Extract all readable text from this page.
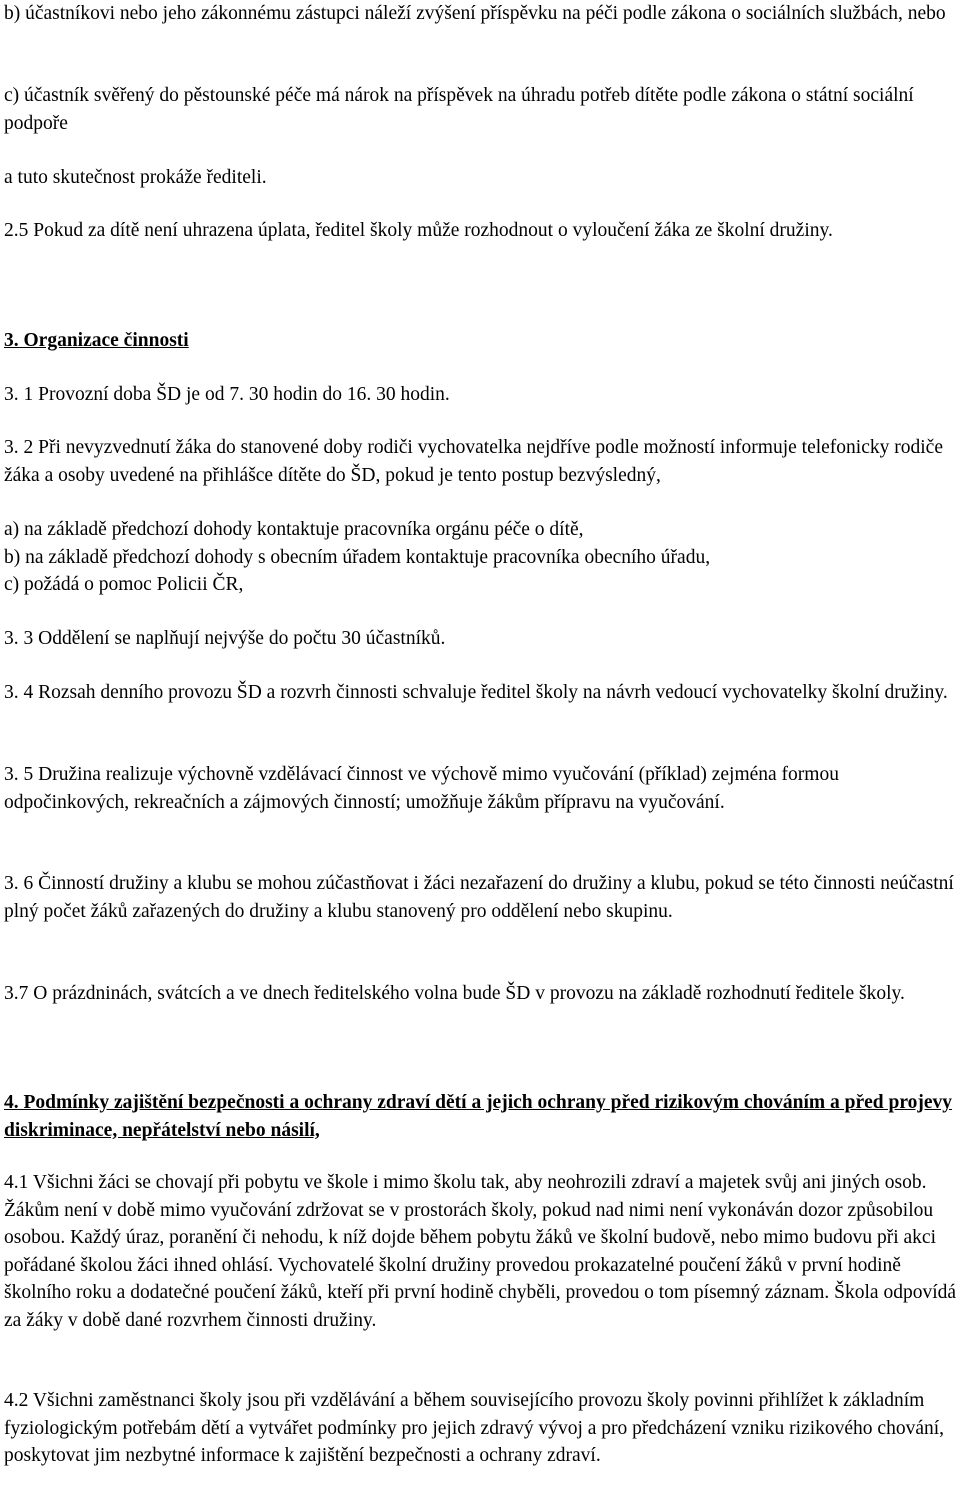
b) účastníkovi nebo jeho zákonnému zástupci náleží zvýšení příspěvku na péči podle zákona o sociálních službách, nebo

c) účastník svěřený do pěstounské péče má nárok na příspěvek na úhradu potřeb dítěte podle zákona o státní sociální podpoře

a tuto skutečnost prokáže řediteli.

2.5 Pokud za dítě není uhrazena úplata, ředitel školy může rozhodnout o vyloučení žáka ze školní družiny.

3. Organizace činnosti

3. 1 Provozní doba ŠD je od 7. 30 hodin do 16. 30 hodin.

3. 2 Při nevyzvednutí žáka do stanovené doby rodiči vychovatelka nejdříve podle možností informuje telefonicky rodiče žáka a osoby uvedené na přihlášce dítěte do ŠD, pokud je tento postup bezvýsledný,

a) na základě předchozí dohody kontaktuje pracovníka orgánu péče o dítě,

b) na základě předchozí dohody s obecním úřadem kontaktuje pracovníka obecního úřadu,

c) požádá o pomoc Policii ČR,

3. 3 Oddělení se naplňují nejvýše do počtu 30 účastníků.

3. 4 Rozsah denního provozu ŠD a rozvrh činnosti schvaluje ředitel školy na návrh vedoucí vychovatelky školní družiny.

3. 5 Družina realizuje výchovně vzdělávací činnost ve výchově mimo vyučování (příklad) zejména formou odpočinkových, rekreačních a zájmových činností; umožňuje žákům přípravu na vyučování.

3. 6 Činností družiny a klubu se mohou zúčastňovat i žáci nezařazení do družiny a klubu, pokud se této činnosti neúčastní plný počet žáků zařazených do družiny a klubu stanovený pro oddělení nebo skupinu.

3.7 O prázdninách, svátcích a ve dnech ředitelského volna bude ŠD v provozu na základě rozhodnutí ředitele školy.

4. Podmínky zajištění bezpečnosti a ochrany zdraví dětí a jejich ochrany před rizikovým chováním a před projevy diskriminace, nepřátelství nebo násilí,

4.1 Všichni žáci se chovají při pobytu ve škole i mimo školu tak, aby neohrozili zdraví a majetek svůj ani jiných osob. Žákům není v době mimo vyučování zdržovat se v prostorách školy, pokud nad nimi není vykonáván dozor způsobilou osobou. Každý úraz, poranění či nehodu, k níž dojde během pobytu žáků ve školní budově, nebo mimo budovu při akci pořádané školou žáci ihned ohlásí. Vychovatelé školní družiny provedou prokazatelné poučení žáků v první hodině školního roku a dodatečné poučení žáků, kteří při první hodině chyběli, provedou o tom písemný záznam. Škola odpovídá za žáky v době dané rozvrhem činnosti družiny.

4.2 Všichni zaměstnanci školy jsou při vzdělávání a během souvisejícího provozu školy povinni přihlížet k základním fyziologickým potřebám dětí a vytvářet podmínky pro jejich zdravý vývoj a pro předcházení vzniku rizikového chování, poskytovat jim nezbytné informace k zajištění bezpečnosti a ochrany zdraví.
